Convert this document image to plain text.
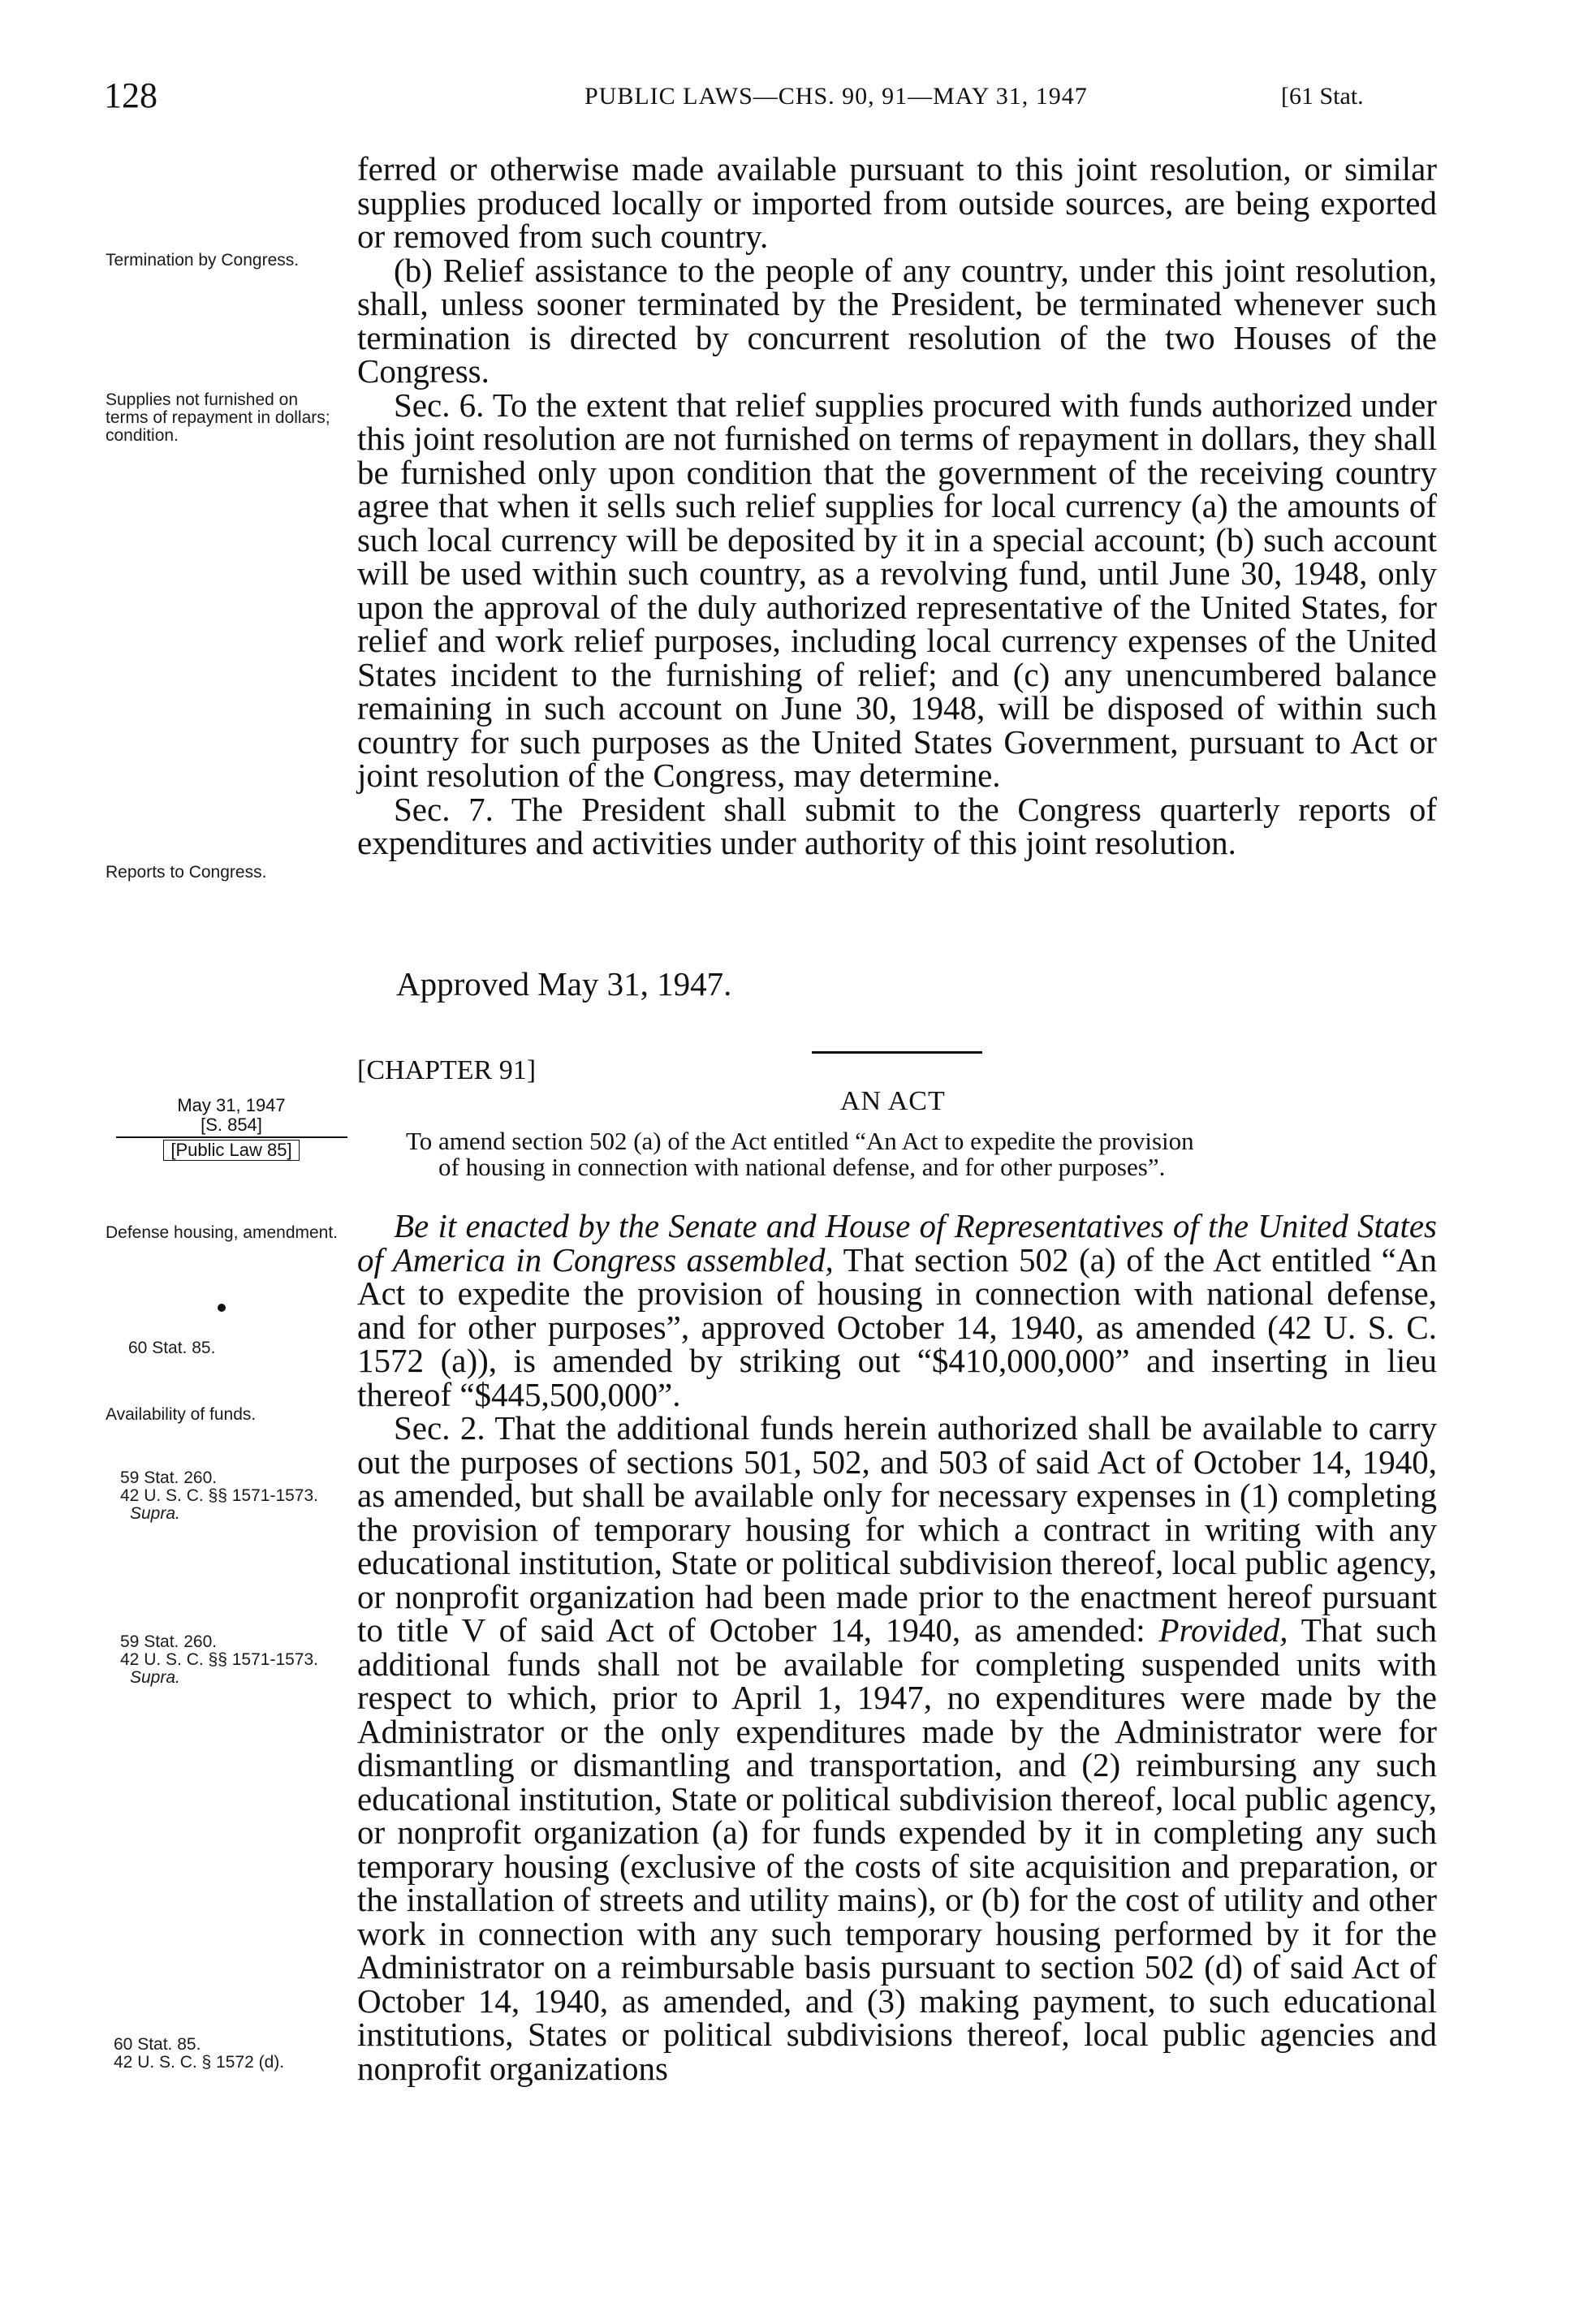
128	PUBLIC LAWS—CHS. 90, 91—MAY 31, 1947	[61 Stat.
Termination by Congress.
Supplies not furnished on terms of repayment in dollars; condition.
Reports to Congress.
May 31, 1947
[S. 854]
[Public Law 85]
Defense housing, amendment.
60 Stat. 85.
Availability of funds.
59 Stat. 260.
42 U. S. C. §§ 1571-1573.
Supra.
59 Stat. 260.
42 U. S. C. §§ 1571-1573.
Supra.
60 Stat. 85.
42 U. S. C. § 1572 (d).

ferred or otherwise made available pursuant to this joint resolution, or similar supplies produced locally or imported from outside sources, are being exported or removed from such country.

(b) Relief assistance to the people of any country, under this joint resolution, shall, unless sooner terminated by the President, be terminated whenever such termination is directed by concurrent resolution of the two Houses of the Congress.

Sec. 6. To the extent that relief supplies procured with funds authorized under this joint resolution are not furnished on terms of repayment in dollars, they shall be furnished only upon condition that the government of the receiving country agree that when it sells such relief supplies for local currency (a) the amounts of such local currency will be deposited by it in a special account; (b) such account will be used within such country, as a revolving fund, until June 30, 1948, only upon the approval of the duly authorized representative of the United States, for relief and work relief purposes, including local currency expenses of the United States incident to the furnishing of relief; and (c) any unencumbered balance remaining in such account on June 30, 1948, will be disposed of within such country for such purposes as the United States Government, pursuant to Act or joint resolution of the Congress, may determine.

Sec. 7. The President shall submit to the Congress quarterly reports of expenditures and activities under authority of this joint resolution.

Approved May 31, 1947.
[CHAPTER 91]
AN ACT
To amend section 502 (a) of the Act entitled “An Act to expedite the provision
of housing in connection with national defense, and for other purposes”.

Be it enacted by the Senate and House of Representatives of the United States of America in Congress assembled, That section 502 (a) of the Act entitled “An Act to expedite the provision of housing in connection with national defense, and for other purposes”, approved October 14, 1940, as amended (42 U. S. C. 1572 (a)), is amended by striking out “$410,000,000” and inserting in lieu thereof “$445,500,000”.

Sec. 2. That the additional funds herein authorized shall be available to carry out the purposes of sections 501, 502, and 503 of said Act of October 14, 1940, as amended, but shall be available only for necessary expenses in (1) completing the provision of temporary housing for which a contract in writing with any educational institution, State or political subdivision thereof, local public agency, or nonprofit organization had been made prior to the enactment hereof pursuant to title V of said Act of October 14, 1940, as amended: Provided, That such additional funds shall not be available for completing suspended units with respect to which, prior to April 1, 1947, no expenditures were made by the Administrator or the only expenditures made by the Administrator were for dismantling or dismantling and transportation, and (2) reimbursing any such educational institution, State or political subdivision thereof, local public agency, or nonprofit organization (a) for funds expended by it in completing any such temporary housing (exclusive of the costs of site acquisition and preparation, or the installation of streets and utility mains), or (b) for the cost of utility and other work in connection with any such temporary housing performed by it for the Administrator on a reimbursable basis pursuant to section 502 (d) of said Act of October 14, 1940, as amended, and (3) making payment, to such educational institutions, States or political subdivisions thereof, local public agencies and nonprofit organizations
